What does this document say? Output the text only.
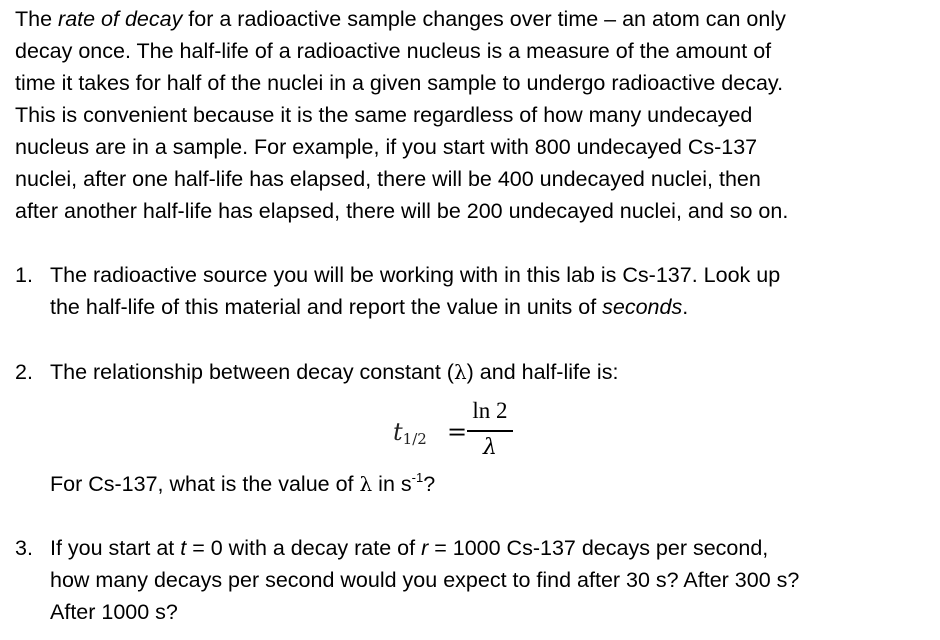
The rate of decay for a radioactive sample changes over time – an atom can only
decay once. The half-life of a radioactive nucleus is a measure of the amount of
time it takes for half of the nuclei in a given sample to undergo radioactive decay.
This is convenient because it is the same regardless of how many undecayed
nucleus are in a sample. For example, if you start with 800 undecayed Cs-137
nuclei, after one half-life has elapsed, there will be 400 undecayed nuclei, then
after another half-life has elapsed, there will be 200 undecayed nuclei, and so on.
1. The radioactive source you will be working with in this lab is Cs-137. Look up
the half-life of this material and report the value in units of seconds.
2. The relationship between decay constant (λ) and half-life is:
$t_{1/2}$ =
ln 2
λ
For Cs-137, what is the value of λ in $s^{-1}$?
3. If you start at t = 0 with a decay rate of r = 1000 Cs-137 decays per second,
how many decays per second would you expect to find after 30 s? After 300 s?
After 1000 s?
